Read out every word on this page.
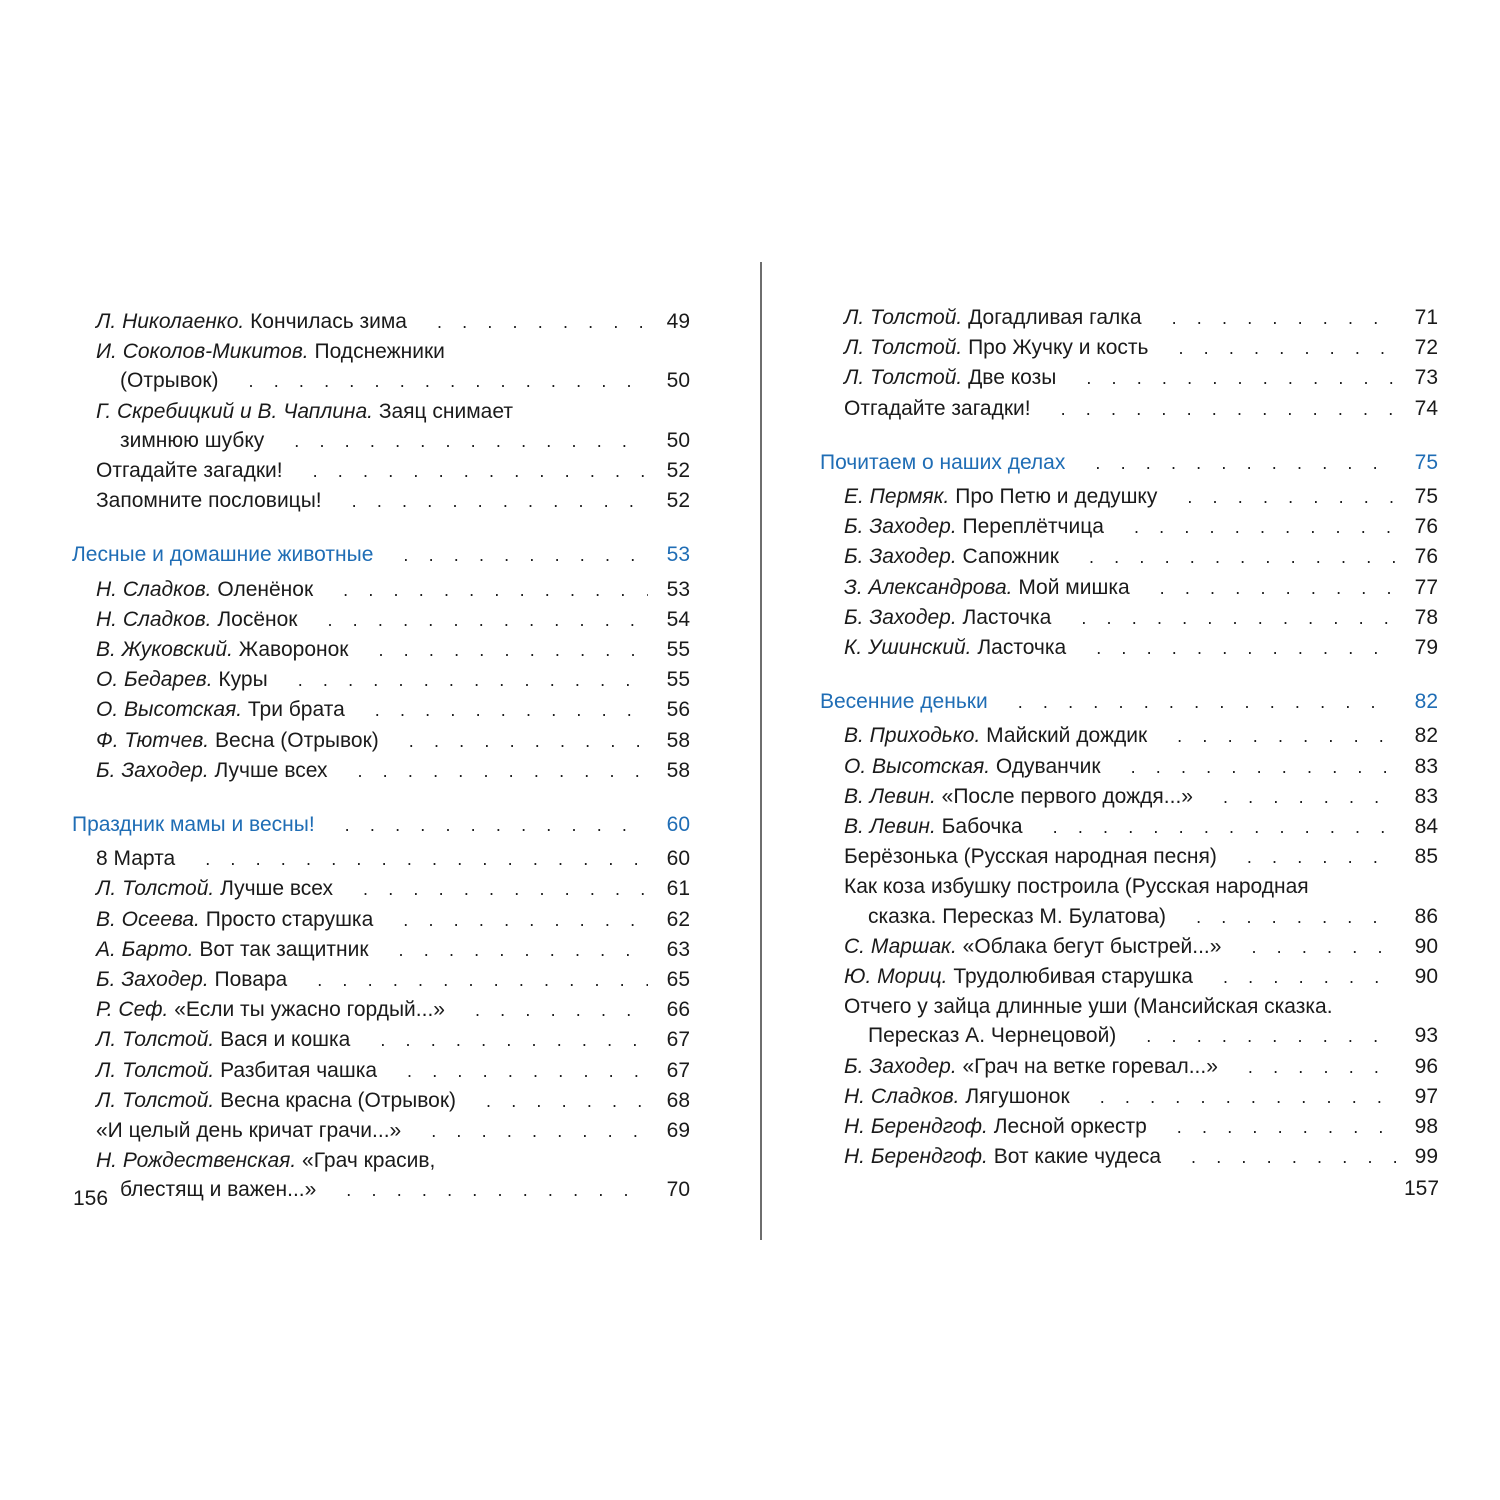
Л. Николаенко. Кончилась зима . . .	49
И. Соколов-Микитов. Подснежники
(Отрывок) . . .	50
Г. Скребицкий и В. Чаплина. Заяц снимает
зимнюю шубку . . .	50
Отгадайте загадки! . . .	52
Запомните пословицы! . . .	52
Лесные и домашние животные . . .	53
Н. Сладков. Оленёнок . . .	53
Н. Сладков. Лосёнок . . .	54
В. Жуковский. Жаворонок . . .	55
О. Бедарев. Куры . . .	55
О. Высотская. Три брата . . .	56
Ф. Тютчев. Весна (Отрывок) . . .	58
Б. Заходер. Лучше всех . . .	58
Праздник мамы и весны! . . .	60
8 Марта . . .	60
Л. Толстой. Лучше всех . . .	61
В. Осеева. Просто старушка . . .	62
А. Барто. Вот так защитник . . .	63
Б. Заходер. Повара . . .	65
Р. Сеф. «Если ты ужасно гордый...» . . .	66
Л. Толстой. Вася и кошка . . .	67
Л. Толстой. Разбитая чашка . . .	67
Л. Толстой. Весна красна (Отрывок) . . .	68
«И целый день кричат грачи...» . . .	69
Н. Рождественская. «Грач красив,
блестящ и важен...» . . .	70
Л. Толстой. Догадливая галка . . .	71
Л. Толстой. Про Жучку и кость . . .	72
Л. Толстой. Две козы . . .	73
Отгадайте загадки! . . .	74
Почитаем о наших делах . . .	75
Е. Пермяк. Про Петю и дедушку . . .	75
Б. Заходер. Переплётчица . . .	76
Б. Заходер. Сапожник . . .	76
З. Александрова. Мой мишка . . .	77
Б. Заходер. Ласточка . . .	78
К. Ушинский. Ласточка . . .	79
Весенние деньки . . .	82
В. Приходько. Майский дождик . . .	82
О. Высотская. Одуванчик . . .	83
В. Левин. «После первого дождя...» . . .	83
В. Левин. Бабочка . . .	84
Берёзонька (Русская народная песня) . . .	85
Как коза избушку построила (Русская народная
сказка. Пересказ М. Булатова) . . .	86
С. Маршак. «Облака бегут быстрей...» . . .	90
Ю. Мориц. Трудолюбивая старушка . . .	90
Отчего у зайца длинные уши (Мансийская сказка.
Пересказ А. Чернецовой) . . .	93
Б. Заходер. «Грач на ветке горевал...» . . .	96
Н. Сладков. Лягушонок . . .	97
Н. Берендгоф. Лесной оркестр . . .	98
Н. Берендгоф. Вот какие чудеса . . .	99
156	157
